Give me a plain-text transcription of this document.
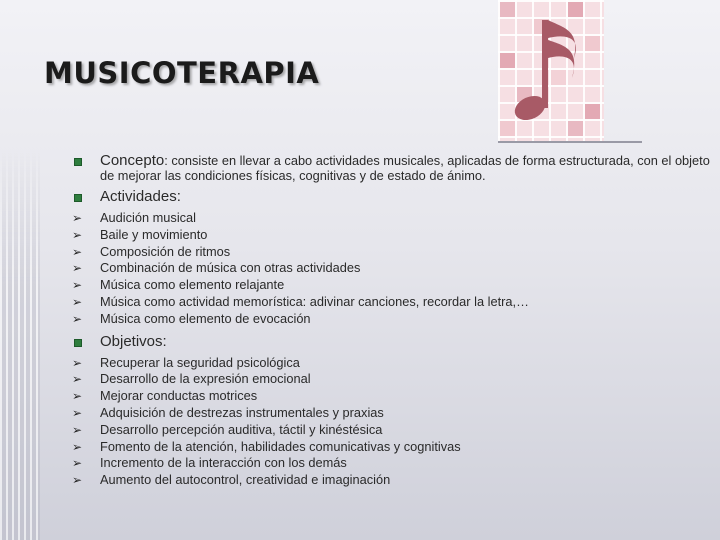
MUSICOTERAPIA
Concepto: consiste en llevar a cabo actividades musicales, aplicadas de forma estructurada, con el objeto de mejorar las condiciones físicas, cognitivas y de estado de ánimo.
Actividades:
➢ Audición musical
➢ Baile y movimiento
➢ Composición de ritmos
➢ Combinación de música con otras actividades
➢ Música como elemento relajante
➢ Música como actividad memorística: adivinar canciones, recordar la letra,…
➢ Música como elemento de evocación
Objetivos:
➢ Recuperar la seguridad psicológica
➢ Desarrollo de la expresión emocional
➢ Mejorar conductas motrices
➢ Adquisición de destrezas instrumentales y praxias
➢ Desarrollo percepción auditiva, táctil y kinéstésica
➢ Fomento de la atención, habilidades comunicativas y cognitivas
➢ Incremento de la interacción con los demás
➢ Aumento del autocontrol, creatividad e imaginación
